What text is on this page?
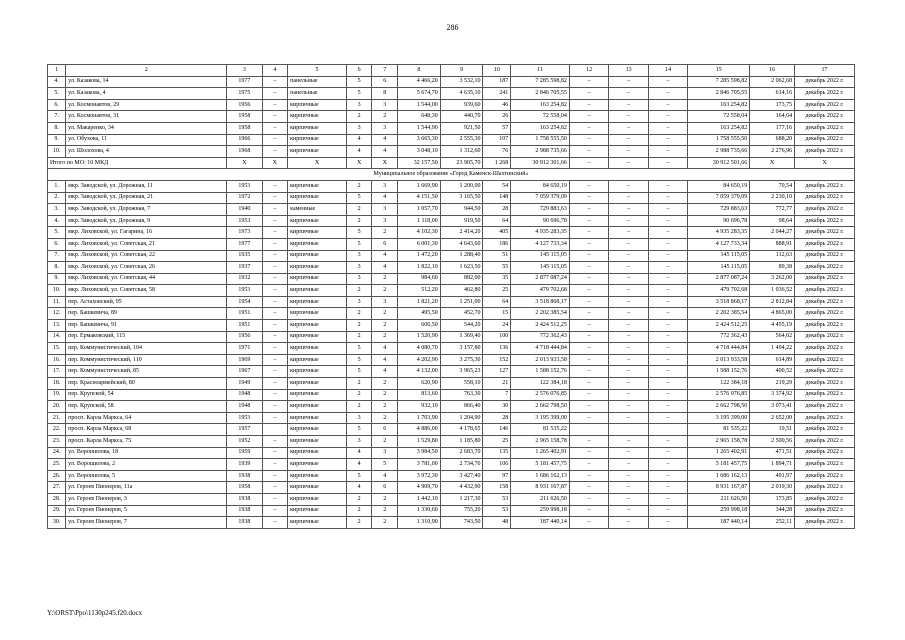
286
1	2	3	4	5	6	7	8	9	10	11	12	13	14	15	16	17
4.	ул. Казакова, 14	1977	–	панельные	5	6	4 466,20	3 532,10	187	7 285 598,82	–	–	–	7 285 598,82	2 062,68	декабрь 2022 г.
5.	ул. Казакова, 4	1975	–	панельные	5	8	5 674,70	4 635,10	241	2 846 705,55	–	–	–	2 846 705,55	614,16	декабрь 2022 г.
6.	ул. Космонавтов, 29	1956	–	кирпичные	3	3	1 544,00	939,60	46	163 254,82	–	–	–	163 254,82	173,75	декабрь 2022 г.
7.	ул. Космонавтов, 31	1958	–	кирпичные	2	2	648,30	440,70	26	72 558,04	–	–	–	72 558,04	164,64	декабрь 2022 г.
8.	ул. Макаренко, 34	1958	–	кирпичные	3	3	1 544,90	921,50	57	163 254,82	–	–	–	163 254,82	177,16	декабрь 2022 г.
9.	ул. Обухова, 11	1966	–	кирпичные	4	4	3 665,30	2 555,30	107	1 758 555,50	–	–	–	1 758 555,50	688,20	декабрь 2022 г.
10.	ул. Шолохова, 4	1968	–	кирпичные	4	4	3 048,10	1 312,60	76	2 988 735,66	–	–	–	2 988 735,66	2 276,96	декабрь 2022 г.
Итого по МО: 10 МКД		Х	Х	Х	Х	Х	32 157,50	23 905,70	1 268	30 912 301,66	–	–	–	30 912 501,66	Х	Х
Муниципальное образование «Город Каменск-Шахтинский»																
1.	мкр. Заводской, ул. Дорожная, 11	1953	–	кирпичные	2	3	1 669,90	1 200,00	54	84 650,19	–	–	–	84 650,19	70,54	декабрь 2022 г.
2.	мкр. Заводской, ул. Дорожная, 21	1972	–	кирпичные	5	4	4 151,50	3 165,50	148	7 059 379,09	–	–	–	7 059 379,09	2 230,10	декабрь 2022 г.
3.	мкр. Заводской, ул. Дорожная, 7	1940	–	каменные	2	3	1 057,70	944,50	28	729 883,63	–	–	–	729 883,63	772,77	декабрь 2022 г.
4.	мкр. Заводской, ул. Дорожная, 9	1953	–	кирпичные	2	3	1 118,00	919,50	64	90 696,78	–	–	–	90 696,78	98,64	декабрь 2022 г.
5.	мкр. Лиховской, ул. Гагарина, 16	1973	–	кирпичные	5	2	4 102,30	2 414,20	405	4 935 283,35	–	–	–	4 935 283,35	2 044,27	декабрь 2022 г.
6.	мкр. Лиховской, ул. Советская, 21	1977	–	кирпичные	5	6	6 001,30	4 643,60	186	4 127 733,34	–	–	–	4 127 733,34	888,91	декабрь 2022 г.
7.	мкр. Лиховской, ул. Советская, 22	1935	–	кирпичные	3	4	1 472,20	1 288,40	51	145 115,05	–	–	–	145 115,05	112,63	декабрь 2022 г.
8.	мкр. Лиховской, ул. Советская, 26	1937	–	кирпичные	3	4	1 822,10	1 623,50	55	145 115,05	–	–	–	145 115,05	89,38	декабрь 2022 г.
9.	мкр. Лиховской, ул. Советская, 44	1932	–	кирпичные	3	2	984,60	882,00	35	2 877 087,24	–	–	–	2 877 087,24	3 262,00	декабрь 2022 г.
10.	мкр. Лиховской, ул. Советская, 58	1953	–	кирпичные	2	2	512,20	462,80	25	479 702,68	–	–	–	479 702,68	1 036,52	декабрь 2022 г.
11.	пер. Астаховский, 95	1954	–	кирпичные	3	3	1 821,20	1 251,00	64	3 518 868,17	–	–	–	3 518 868,17	2 812,84	декабрь 2022 г.
12.	пер. Башкевича, 89	1951	–	кирпичные	2	2	495,50	452,70	15	2 202 385,54	–	–	–	2 202 385,54	4 865,00	декабрь 2022 г.
13.	пер. Башкевича, 91	1951	–	кирпичные	2	2	606,50	544,20	24	2 424 512,25	–	–	–	2 424 512,25	4 455,19	декабрь 2022 г.
14.	пер. Ермаковский, 115	1956	–	кирпичные	2	2	1 520,90	1 369,40	100	772 362,43	–	–	–	772 362,43	564,02	декабрь 2022 г.
15.	пер. Коммунистический, 104	1971	–	кирпичные	5	4	4 080,70	3 157,80	136	4 718 444,84	–	–	–	4 718 444,84	1 494,22	декабрь 2022 г.
16.	пер. Коммунистический, 110	1969	–	кирпичные	5	4	4 202,90	3 275,30	152	2 013 933,58	–	–	–	2 013 933,58	614,89	декабрь 2022 г.
17.	пер. Коммунистический, 85	1967	–	кирпичные	5	4	4 132,00	3 965,23	127	1 588 152,76	–	–	–	1 588 152,76	400,52	декабрь 2022 г.
18.	пер. Красноармейский, 80	1949	–	кирпичные	2	2	620,90	558,10	21	122 384,18	–	–	–	122 384,18	219,29	декабрь 2022 г.
19.	пер. Крупской, 54	1948	–	кирпичные	2	2	813,60	763,30	7	2 576 076,85	–	–	–	2 576 076,85	3 374,92	декабрь 2022 г.
20.	пер. Крупской, 58	1948	–	кирпичные	2	2	932,10	866,40	30	2 662 798,50	–	–	–	2 662 798,50	3 073,41	декабрь 2022 г.
21.	просп. Карла Маркса, 64	1953	–	кирпичные	3	2	1 703,90	1 204,90	28	3 195 399,00	–	–	–	3 195 399,00	2 652,00	декабрь 2022 г.
22.	просп. Карла Маркса, 68	1957		кирпичные	5	6	4 886,00	4 178,65	146	81 535,22				81 535,22	19,51	декабрь 2022 г.
23.	просп. Карла Маркса, 75	1952	–	кирпичные	3	2	1 529,80	1 185,80	25	2 965 158,78	–	–	–	2 965 158,78	2 500,56	декабрь 2022 г.
24.	ул. Ворошилова, 18	1959	–	кирпичные	4	3	3 984,50	2 683,70	135	1 265 402,91	–	–	–	1 265 402,91	471,51	декабрь 2022 г.
25.	ул. Ворошилова, 2	1939	–	кирпичные	4	5	3 781,00	2 734,70	106	5 181 457,75	–	–	–	5 181 457,75	1 894,71	декабрь 2022 г.
26.	ул. Ворошилова, 5	1938	–	кирпичные	5	4	3 972,30	3 427,40	97	1 686 162,13	–	–	–	1 686 162,13	491,97	декабрь 2022 г.
27.	ул. Героев Пионеров, 11а	1958	–	кирпичные	4	6	4 909,70	4 432,90	158	8 931 167,87	–	–	–	8 931 167,87	2 019,30	декабрь 2022 г.
28.	ул. Героев Пионеров, 3	1938	–	кирпичные	2	2	1 442,10	1 217,30	53	211 626,50	–	–	–	211 626,50	173,85	декабрь 2022 г.
29.	ул. Героев Пионеров, 5	1938	–	кирпичные	2	2	1 330,60	755,20	53	259 998,18	–	–	–	259 998,18	344,28	декабрь 2022 г.
30.	ул. Героев Пионеров, 7	1938	–	кирпичные	2	2	1 310,90	743,50	48	187 440,14	–	–	–	187 440,14	252,11	декабрь 2022 г.
Y:\ORST\Ppo\1130p245.f20.docx
